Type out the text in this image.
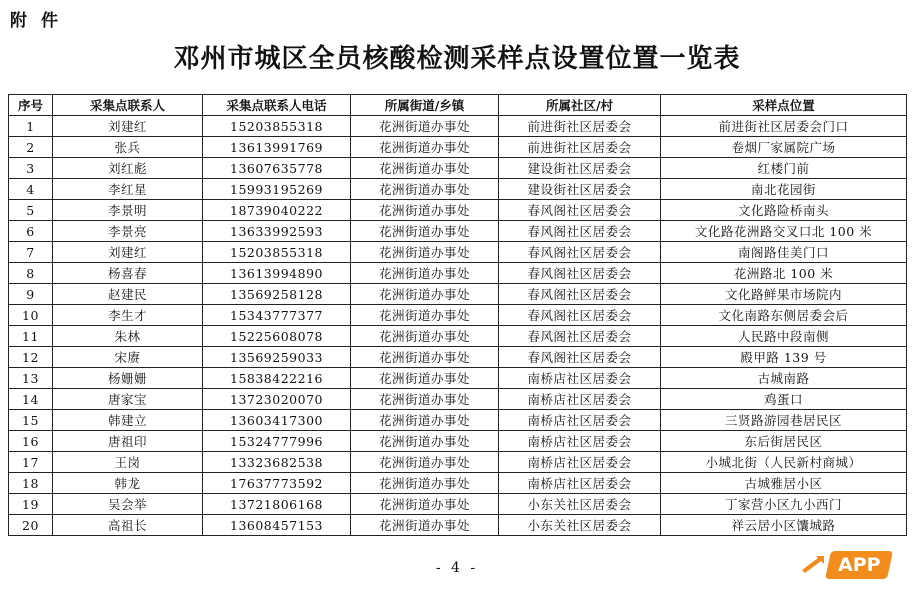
附件
邓州市城区全员核酸检测采样点设置位置一览表
序号	采集点联系人	采集点联系人电话	所属街道/乡镇	所属社区/村	采样点位置
1	刘建红	15203855318	花洲街道办事处	前进街社区居委会	前进街社区居委会门口
2	张兵	13613991769	花洲街道办事处	前进街社区居委会	卷烟厂家属院广场
3	刘红彪	13607635778	花洲街道办事处	建设街社区居委会	红楼门前
4	李红星	15993195269	花洲街道办事处	建设街社区居委会	南北花园街
5	李景明	18739040222	花洲街道办事处	春风阁社区居委会	文化路险桥南头
6	李景亮	13633992593	花洲街道办事处	春风阁社区居委会	文化路花洲路交叉口北 100 米
7	刘建红	15203855318	花洲街道办事处	春风阁社区居委会	南阁路佳美门口
8	杨喜春	13613994890	花洲街道办事处	春风阁社区居委会	花洲路北 100 米
9	赵建民	13569258128	花洲街道办事处	春风阁社区居委会	文化路鲜果市场院内
10	李生才	15343777377	花洲街道办事处	春风阁社区居委会	文化南路东侧居委会后
11	朱林	15225608078	花洲街道办事处	春风阁社区居委会	人民路中段南侧
12	宋赓	13569259033	花洲街道办事处	春风阁社区居委会	殿甲路 139 号
13	杨姗姗	15838422216	花洲街道办事处	南桥店社区居委会	古城南路
14	唐家宝	13723020070	花洲街道办事处	南桥店社区居委会	鸡蛋口
15	韩建立	13603417300	花洲街道办事处	南桥店社区居委会	三贤路游园巷居民区
16	唐祖印	15324777996	花洲街道办事处	南桥店社区居委会	东后街居民区
17	王岗	13323682538	花洲街道办事处	南桥店社区居委会	小城北街（人民新村商城）
18	韩龙	17637773592	花洲街道办事处	南桥店社区居委会	古城雅居小区
19	吴会举	13721806168	花洲街道办事处	小东关社区居委会	丁家营小区九小西门
20	高祖长	13608457153	花洲街道办事处	小东关社区居委会	祥云居小区馕城路
- 4 -	APP
